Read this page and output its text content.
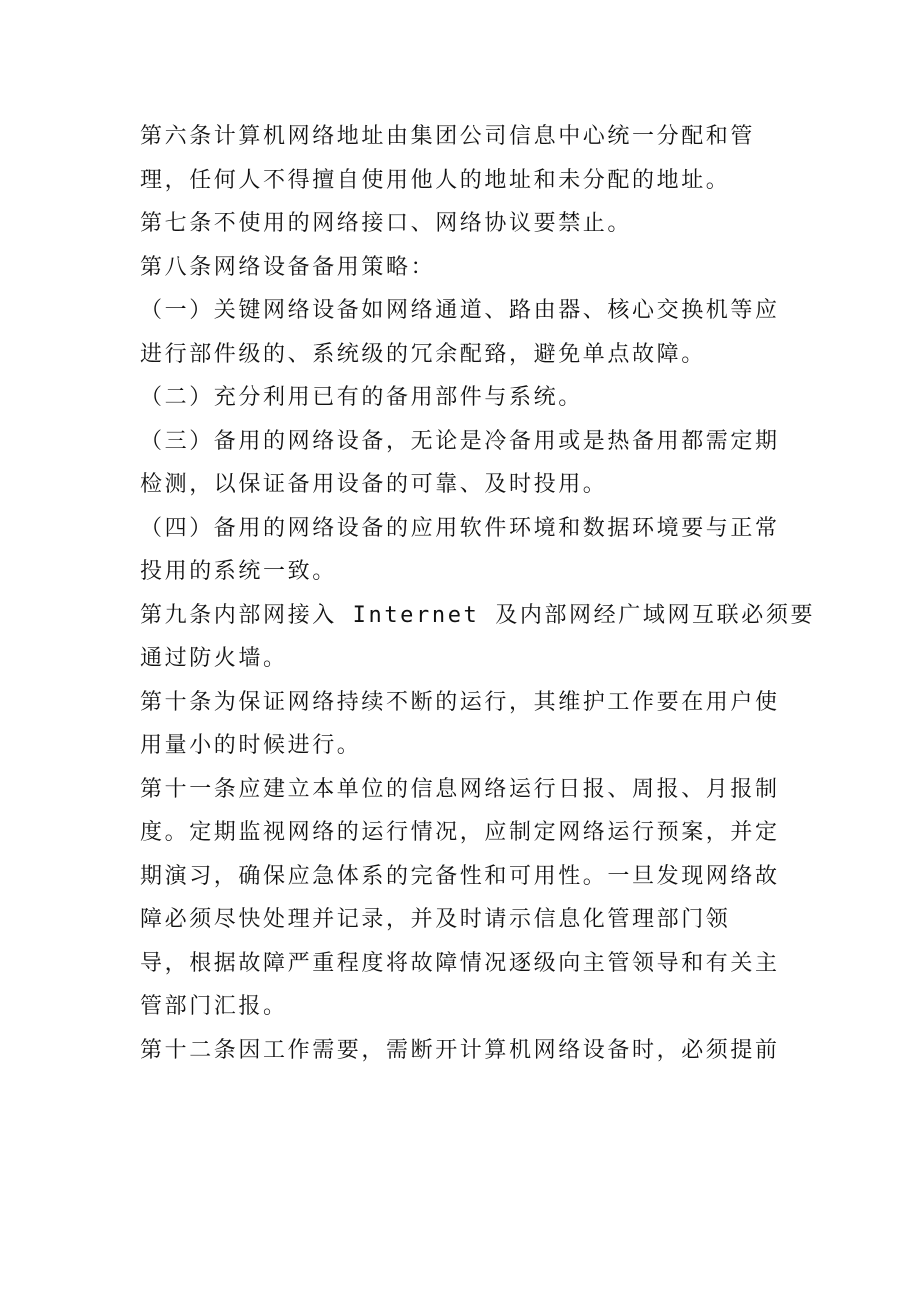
第六条计算机网络地址由集团公司信息中心统一分配和管
理，任何人不得擅自使用他人的地址和未分配的地址。
第七条不使用的网络接口、网络协议要禁止。
第八条网络设备备用策略：
（一）关键网络设备如网络通道、路由器、核心交换机等应
进行部件级的、系统级的冗余配臵，避免单点故障。
（二）充分利用已有的备用部件与系统。
（三）备用的网络设备，无论是冷备用或是热备用都需定期
检测，以保证备用设备的可靠、及时投用。
（四）备用的网络设备的应用软件环境和数据环境要与正常
投用的系统一致。
第九条内部网接入 Internet 及内部网经广域网互联必须要
通过防火墙。
第十条为保证网络持续不断的运行，其维护工作要在用户使
用量小的时候进行。
第十一条应建立本单位的信息网络运行日报、周报、月报制
度。定期监视网络的运行情况，应制定网络运行预案，并定
期演习，确保应急体系的完备性和可用性。一旦发现网络故
障必须尽快处理并记录，并及时请示信息化管理部门领
导，根据故障严重程度将故障情况逐级向主管领导和有关主
管部门汇报。
第十二条因工作需要，需断开计算机网络设备时，必须提前
